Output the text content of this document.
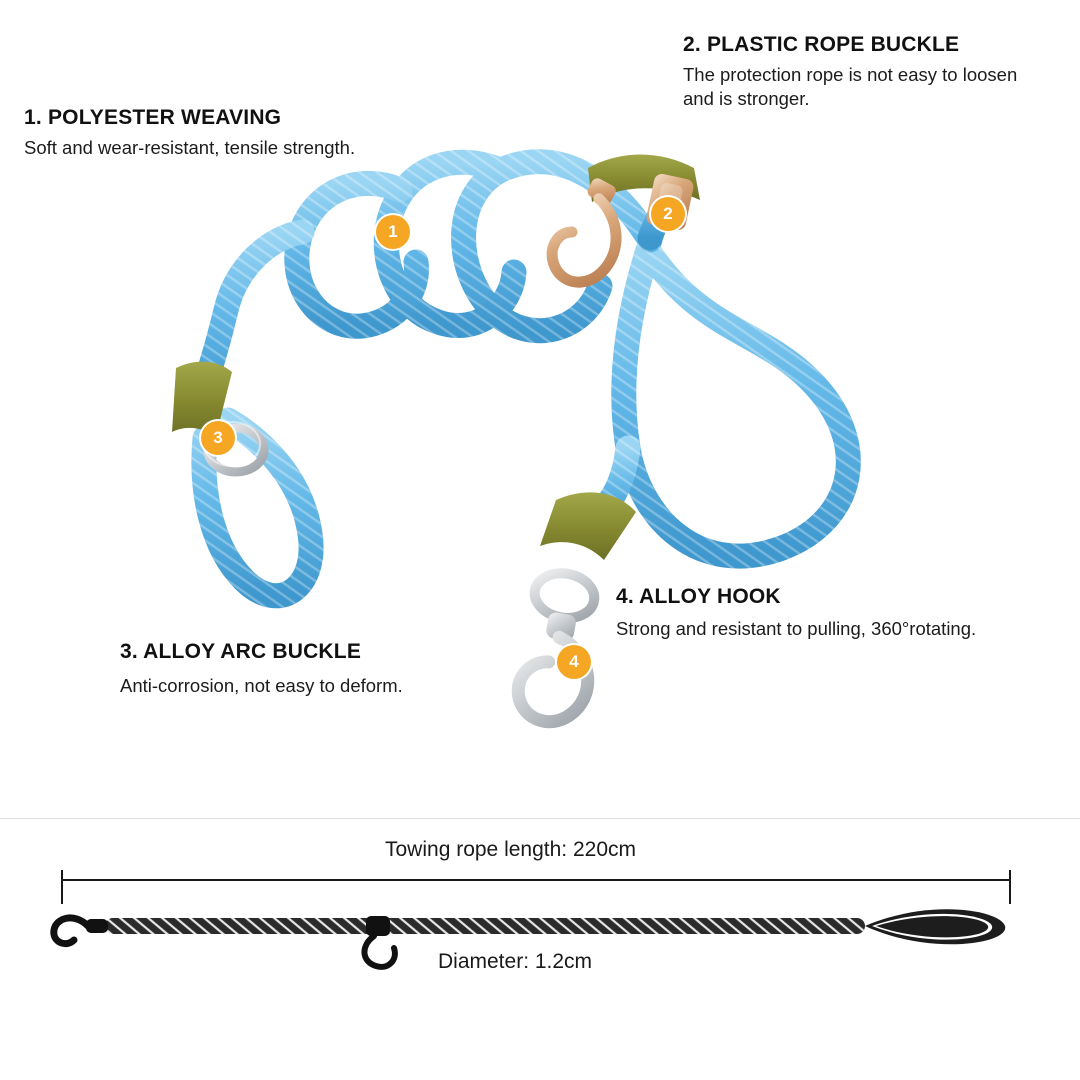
1. POLYESTER WEAVING

Soft and wear-resistant, tensile strength.

2. PLASTIC ROPE BUCKLE

The protection rope is not easy to loosen and is stronger.

3. ALLOY ARC BUCKLE

Anti-corrosion, not easy to deform.

4. ALLOY HOOK

Strong and resistant to pulling, 360°rotating.

1
2
3
4
Towing rope length: 220cm
Diameter: 1.2cm
